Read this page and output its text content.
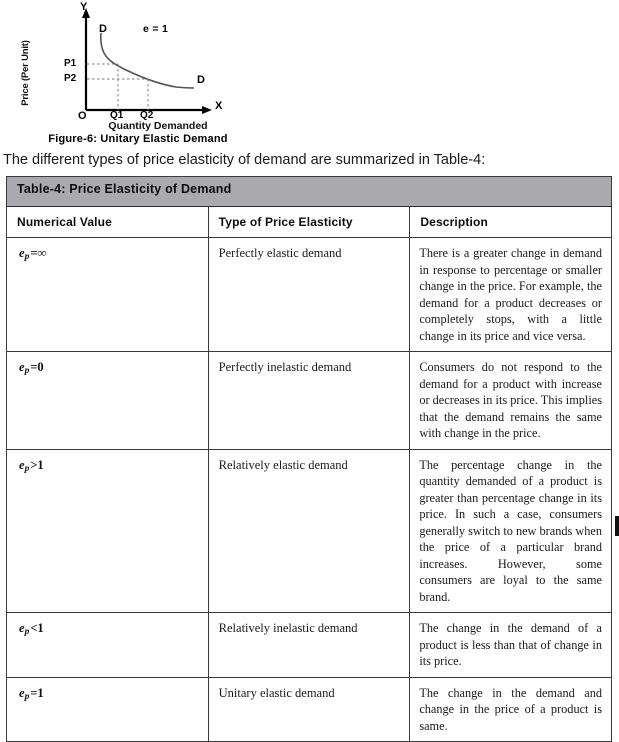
Price (Per Unit)
Y
X
O
P1
P2
Q1 Q2
D
D
e = 1
Quantity Demanded
Figure-6: Unitary Elastic Demand
The different types of price elasticity of demand are summarized in Table-4:
Table-4: Price Elasticity of Demand		
Numerical Value	Type of Price Elasticity	Description
$e_p=\infty$	Perfectly elastic demand	There is a greater change in demand in response to percentage or smaller change in the price. For example, the demand for a product decreases or completely stops, with a little change in its price and vice versa.
$e_p=0$	Perfectly inelastic demand	Consumers do not respond to the demand for a product with increase or decreases in its price. This implies that the demand remains the same with change in the price.
$e_p>1$	Relatively elastic demand	The percentage change in the quantity demanded of a product is greater than percentage change in its price. In such a case, consumers generally switch to new brands when the price of a particular brand increases. However, some consumers are loyal to the same brand.
$e_p<1$	Relatively inelastic demand	The change in the demand of a product is less than that of change in its price.
$e_p=1$	Unitary elastic demand	The change in the demand and change in the price of a product is same.
